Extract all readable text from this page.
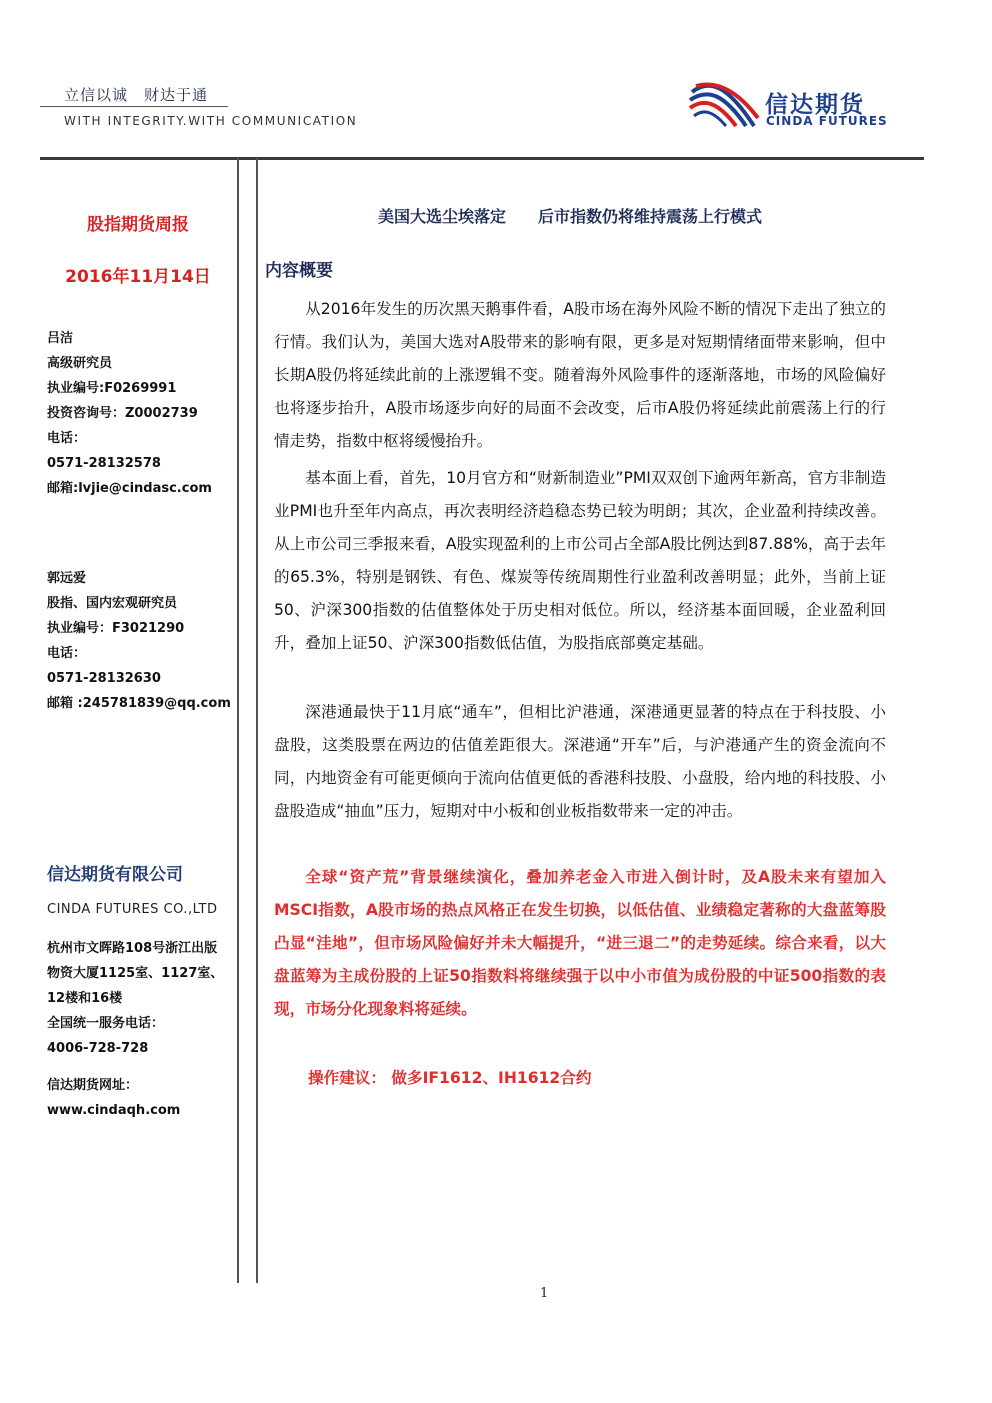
立信以诚　财达于通
WITH INTEGRITY.WITH COMMUNICATION
信达期货
CINDA FUTURES
股指期货周报
2016年11月14日
吕洁
高级研究员
执业编号:F0269991
投资咨询号：Z0002739
电话：
0571-28132578
邮箱:lvjie@cindasc.com
郭远爱
股指、国内宏观研究员
执业编号：F3021290
电话：
0571-28132630
邮箱 :245781839@qq.com
信达期货有限公司
CINDA FUTURES CO.,LTD
杭州市文晖路108号浙江出版
物资大厦1125室、1127室、
12楼和16楼
全国统一服务电话：
4006-728-728
信达期货网址：
www.cindaqh.com
美国大选尘埃落定　　后市指数仍将维持震荡上行模式
内容概要

从2016年发生的历次黑天鹅事件看，A股市场在海外风险不断的情况下走出了独立的行情。我们认为，美国大选对A股带来的影响有限，更多是对短期情绪面带来影响，但中长期A股仍将延续此前的上涨逻辑不变。随着海外风险事件的逐渐落地，市场的风险偏好也将逐步抬升，A股市场逐步向好的局面不会改变，后市A股仍将延续此前震荡上行的行情走势，指数中枢将缓慢抬升。

基本面上看，首先，10月官方和“财新制造业”PMI双双创下逾两年新高，官方非制造业PMI也升至年内高点，再次表明经济趋稳态势已较为明朗；其次，企业盈利持续改善。从上市公司三季报来看，A股实现盈利的上市公司占全部A股比例达到87.88%，高于去年的65.3%，特别是钢铁、有色、煤炭等传统周期性行业盈利改善明显；此外，当前上证50、沪深300指数的估值整体处于历史相对低位。所以，经济基本面回暖，企业盈利回升，叠加上证50、沪深300指数低估值，为股指底部奠定基础。

深港通最快于11月底“通车”，但相比沪港通，深港通更显著的特点在于科技股、小盘股，这类股票在两边的估值差距很大。深港通“开车”后，与沪港通产生的资金流向不同，内地资金有可能更倾向于流向估值更低的香港科技股、小盘股，给内地的科技股、小盘股造成“抽血”压力，短期对中小板和创业板指数带来一定的冲击。

全球“资产荒”背景继续演化，叠加养老金入市进入倒计时，及A股未来有望加入MSCI指数，A股市场的热点风格正在发生切换，以低估值、业绩稳定著称的大盘蓝筹股凸显“洼地”，但市场风险偏好并未大幅提升，“进三退二”的走势延续。综合来看，以大盘蓝筹为主成份股的上证50指数料将继续强于以中小市值为成份股的中证500指数的表现，市场分化现象料将延续。

操作建议： 做多IF1612、IH1612合约
1
